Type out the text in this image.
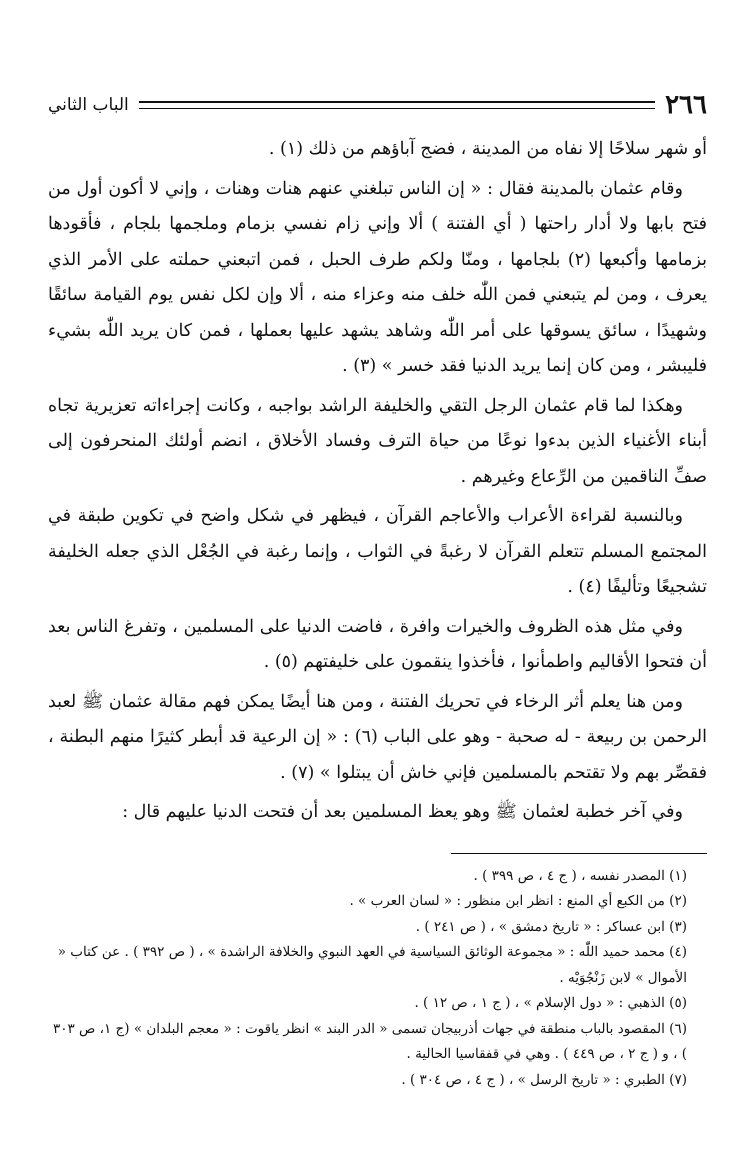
٢٦٦
الباب الثاني

أو شهر سلاحًا إلا نفاه من المدينة ، فضج آباؤهم من ذلك (١) .

وقام عثمان بالمدينة فقال : « إن الناس تبلغني عنهم هنات وهنات ، وإني لا أكون أول من فتح بابها ولا أدار راحتها ( أي الفتنة ) ألا وإني زام نفسي بزمام وملجمها بلجام ، فأقودها بزمامها وأكبعها (٢) بلجامها ، ومنّا ولكم طرف الحبل ، فمن اتبعني حملته على الأمر الذي يعرف ، ومن لم يتبعني فمن اللّٰه خلف منه وعزاء منه ، ألا وإن لكل نفس يوم القيامة سائقًا وشهيدًا ، سائق يسوقها على أمر اللّٰه وشاهد يشهد عليها بعملها ، فمن كان يريد اللّٰه بشيء فليبشر ، ومن كان إنما يريد الدنيا فقد خسر » (٣) .

وهكذا لما قام عثمان الرجل التقي والخليفة الراشد بواجبه ، وكانت إجراءاته تعزيرية تجاه أبناء الأغنياء الذين بدءوا نوعًا من حياة الترف وفساد الأخلاق ، انضم أولئك المنحرفون إلى صفِّ الناقمين من الرِّعاع وغيرهم .

وبالنسبة لقراءة الأعراب والأعاجم القرآن ، فيظهر في شكل واضح في تكوين طبقة في المجتمع المسلم تتعلم القرآن لا رغبةً في الثواب ، وإنما رغبة في الجُعْل الذي جعله الخليفة تشجيعًا وتأليفًا (٤) .

وفي مثل هذه الظروف والخيرات وافرة ، فاضت الدنيا على المسلمين ، وتفرغ الناس بعد أن فتحوا الأقاليم واطمأنوا ، فأخذوا ينقمون على خليفتهم (٥) .

ومن هنا يعلم أثر الرخاء في تحريك الفتنة ، ومن هنا أيضًا يمكن فهم مقالة عثمان ﷺ لعبد الرحمن بن ربيعة - له صحبة - وهو على الباب (٦) : « إن الرعية قد أبطر كثيرًا منهم البطنة ، فقصِّر بهم ولا تقتحم بالمسلمين فإني خاش أن يبتلوا » (٧) .

وفي آخر خطبة لعثمان ﷺ وهو يعظ المسلمين بعد أن فتحت الدنيا عليهم قال :

(١) المصدر نفسه ، ( ج ٤ ، ص ٣٩٩ ) .

(٢) من الكبع أي المنع : انظر ابن منظور : « لسان العرب » .

(٣) ابن عساكر : « تاريخ دمشق » ، ( ص ٢٤١ ) .

(٤) محمد حميد اللّٰه : « مجموعة الوثائق السياسية في العهد النبوي والخلافة الراشدة » ، ( ص ٣٩٢ ) . عن كتاب « الأموال » لابن زَنْجُوَيْه .

(٥) الذهبي : « دول الإسلام » ، ( ج ١ ، ص ١٢ ) .

(٦) المقصود بالباب منطقة في جهات أذربيجان تسمى « الدر البند » انظر ياقوت : « معجم البلدان » (ج ١، ص ٣٠٣ ) ، و ( ج ٢ ، ص ٤٤٩ ) . وهي في قفقاسيا الحالية .

(٧) الطبري : « تاريخ الرسل » ، ( ج ٤ ، ص ٣٠٤ ) .
